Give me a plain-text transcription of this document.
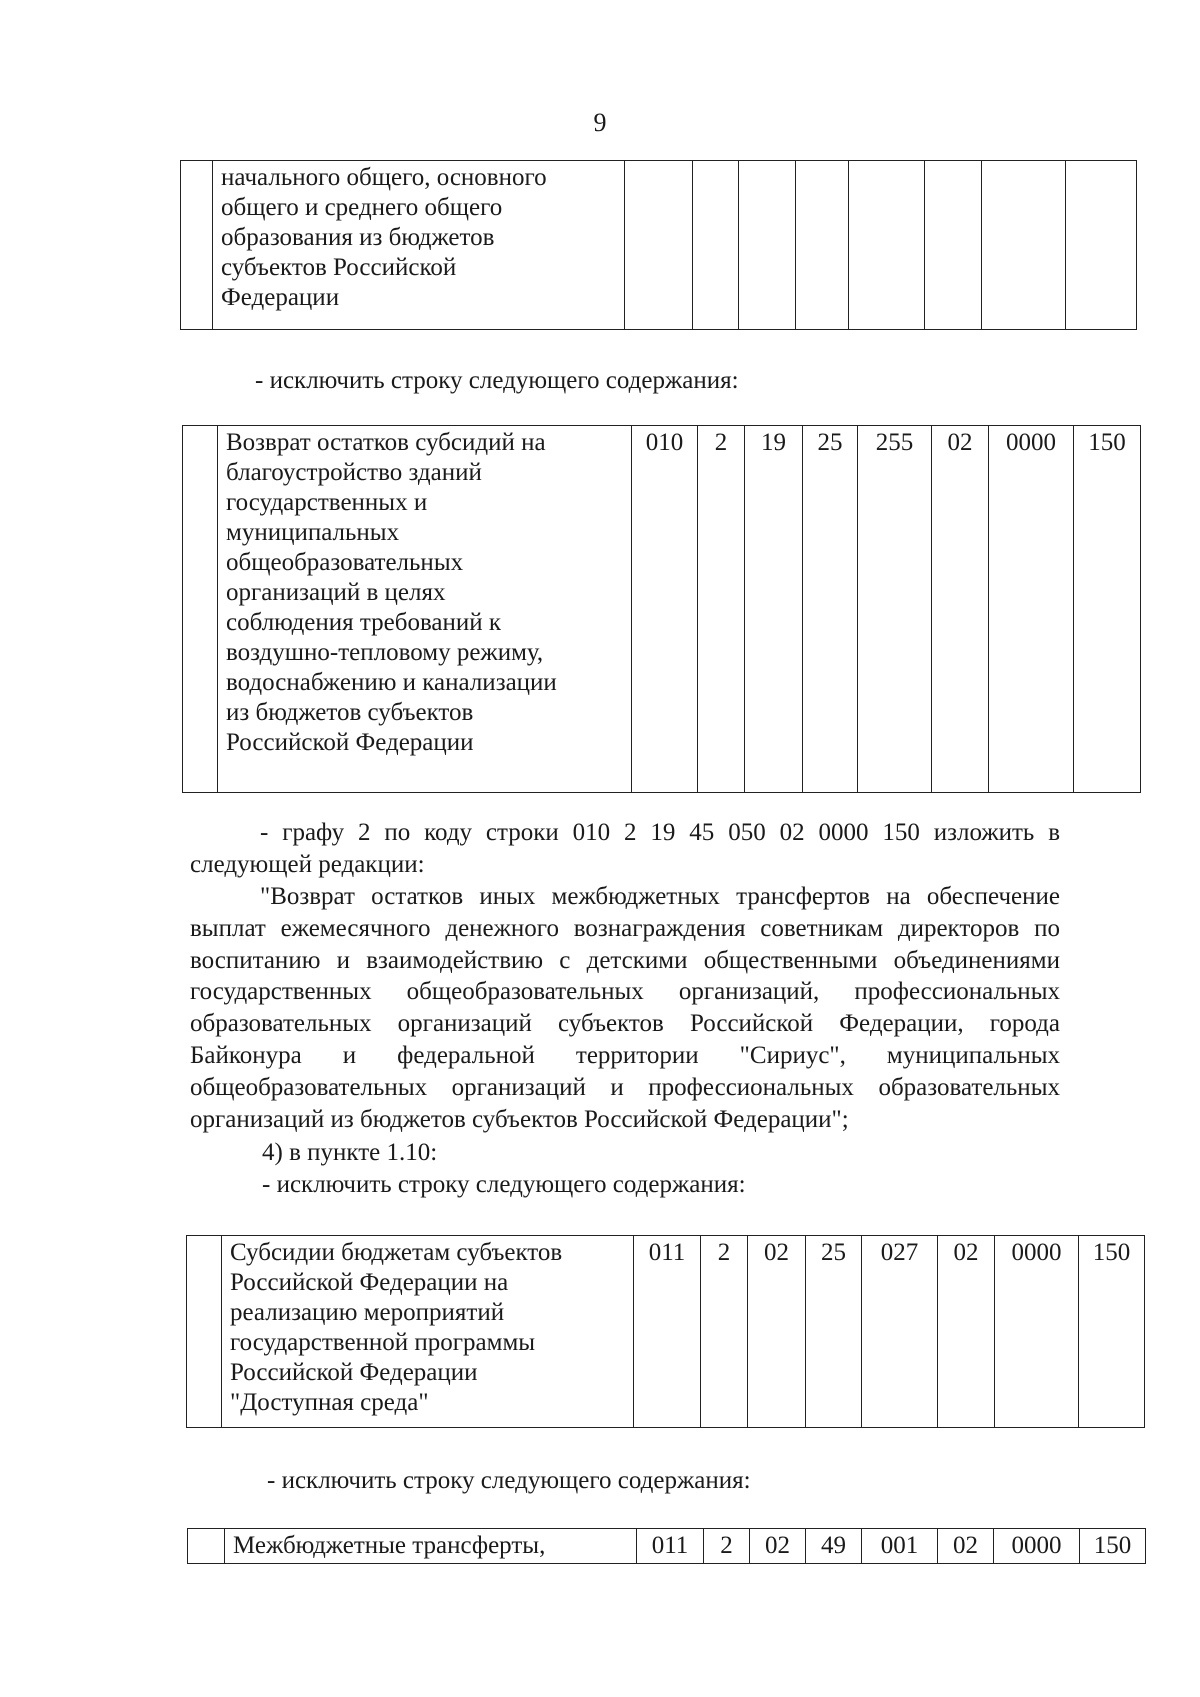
9

начального общего, основного
общего и среднего общего
образования из бюджетов
субъектов Российской
Федерации

- исключить строку следующего содержания:

Возврат остатков субсидий на
благоустройство зданий
государственных и
муниципальных
общеобразовательных
организаций в целях
соблюдения требований к
воздушно-тепловому режиму,
водоснабжению и канализации
из бюджетов субъектов
Российской Федерации
	010	2	19	25	255	02	0000	150
- графу 2 по коду строки 010 2 19 45 050 02 0000 150 изложить в
следующей редакции:
"Возврат остатков иных межбюджетных трансфертов на обеспечение
выплат ежемесячного денежного вознаграждения советникам директоров по
воспитанию и взаимодействию с детскими общественными объединениями
государственных общеобразовательных организаций, профессиональных
образовательных организаций субъектов Российской Федерации, города
Байконура и федеральной территории "Сириус", муниципальных
общеобразовательных организаций и профессиональных образовательных
организаций из бюджетов субъектов Российской Федерации";
4) в пункте 1.10:
- исключить строку следующего содержания:

Субсидии бюджетам субъектов
Российской Федерации на
реализацию мероприятий
государственной программы
Российской Федерации
"Доступная среда"
	011	2	02	25	027	02	0000	150
- исключить строку следующего содержания:

Межбюджетные трансферты,	011	2	02	49	001	02	0000	150
